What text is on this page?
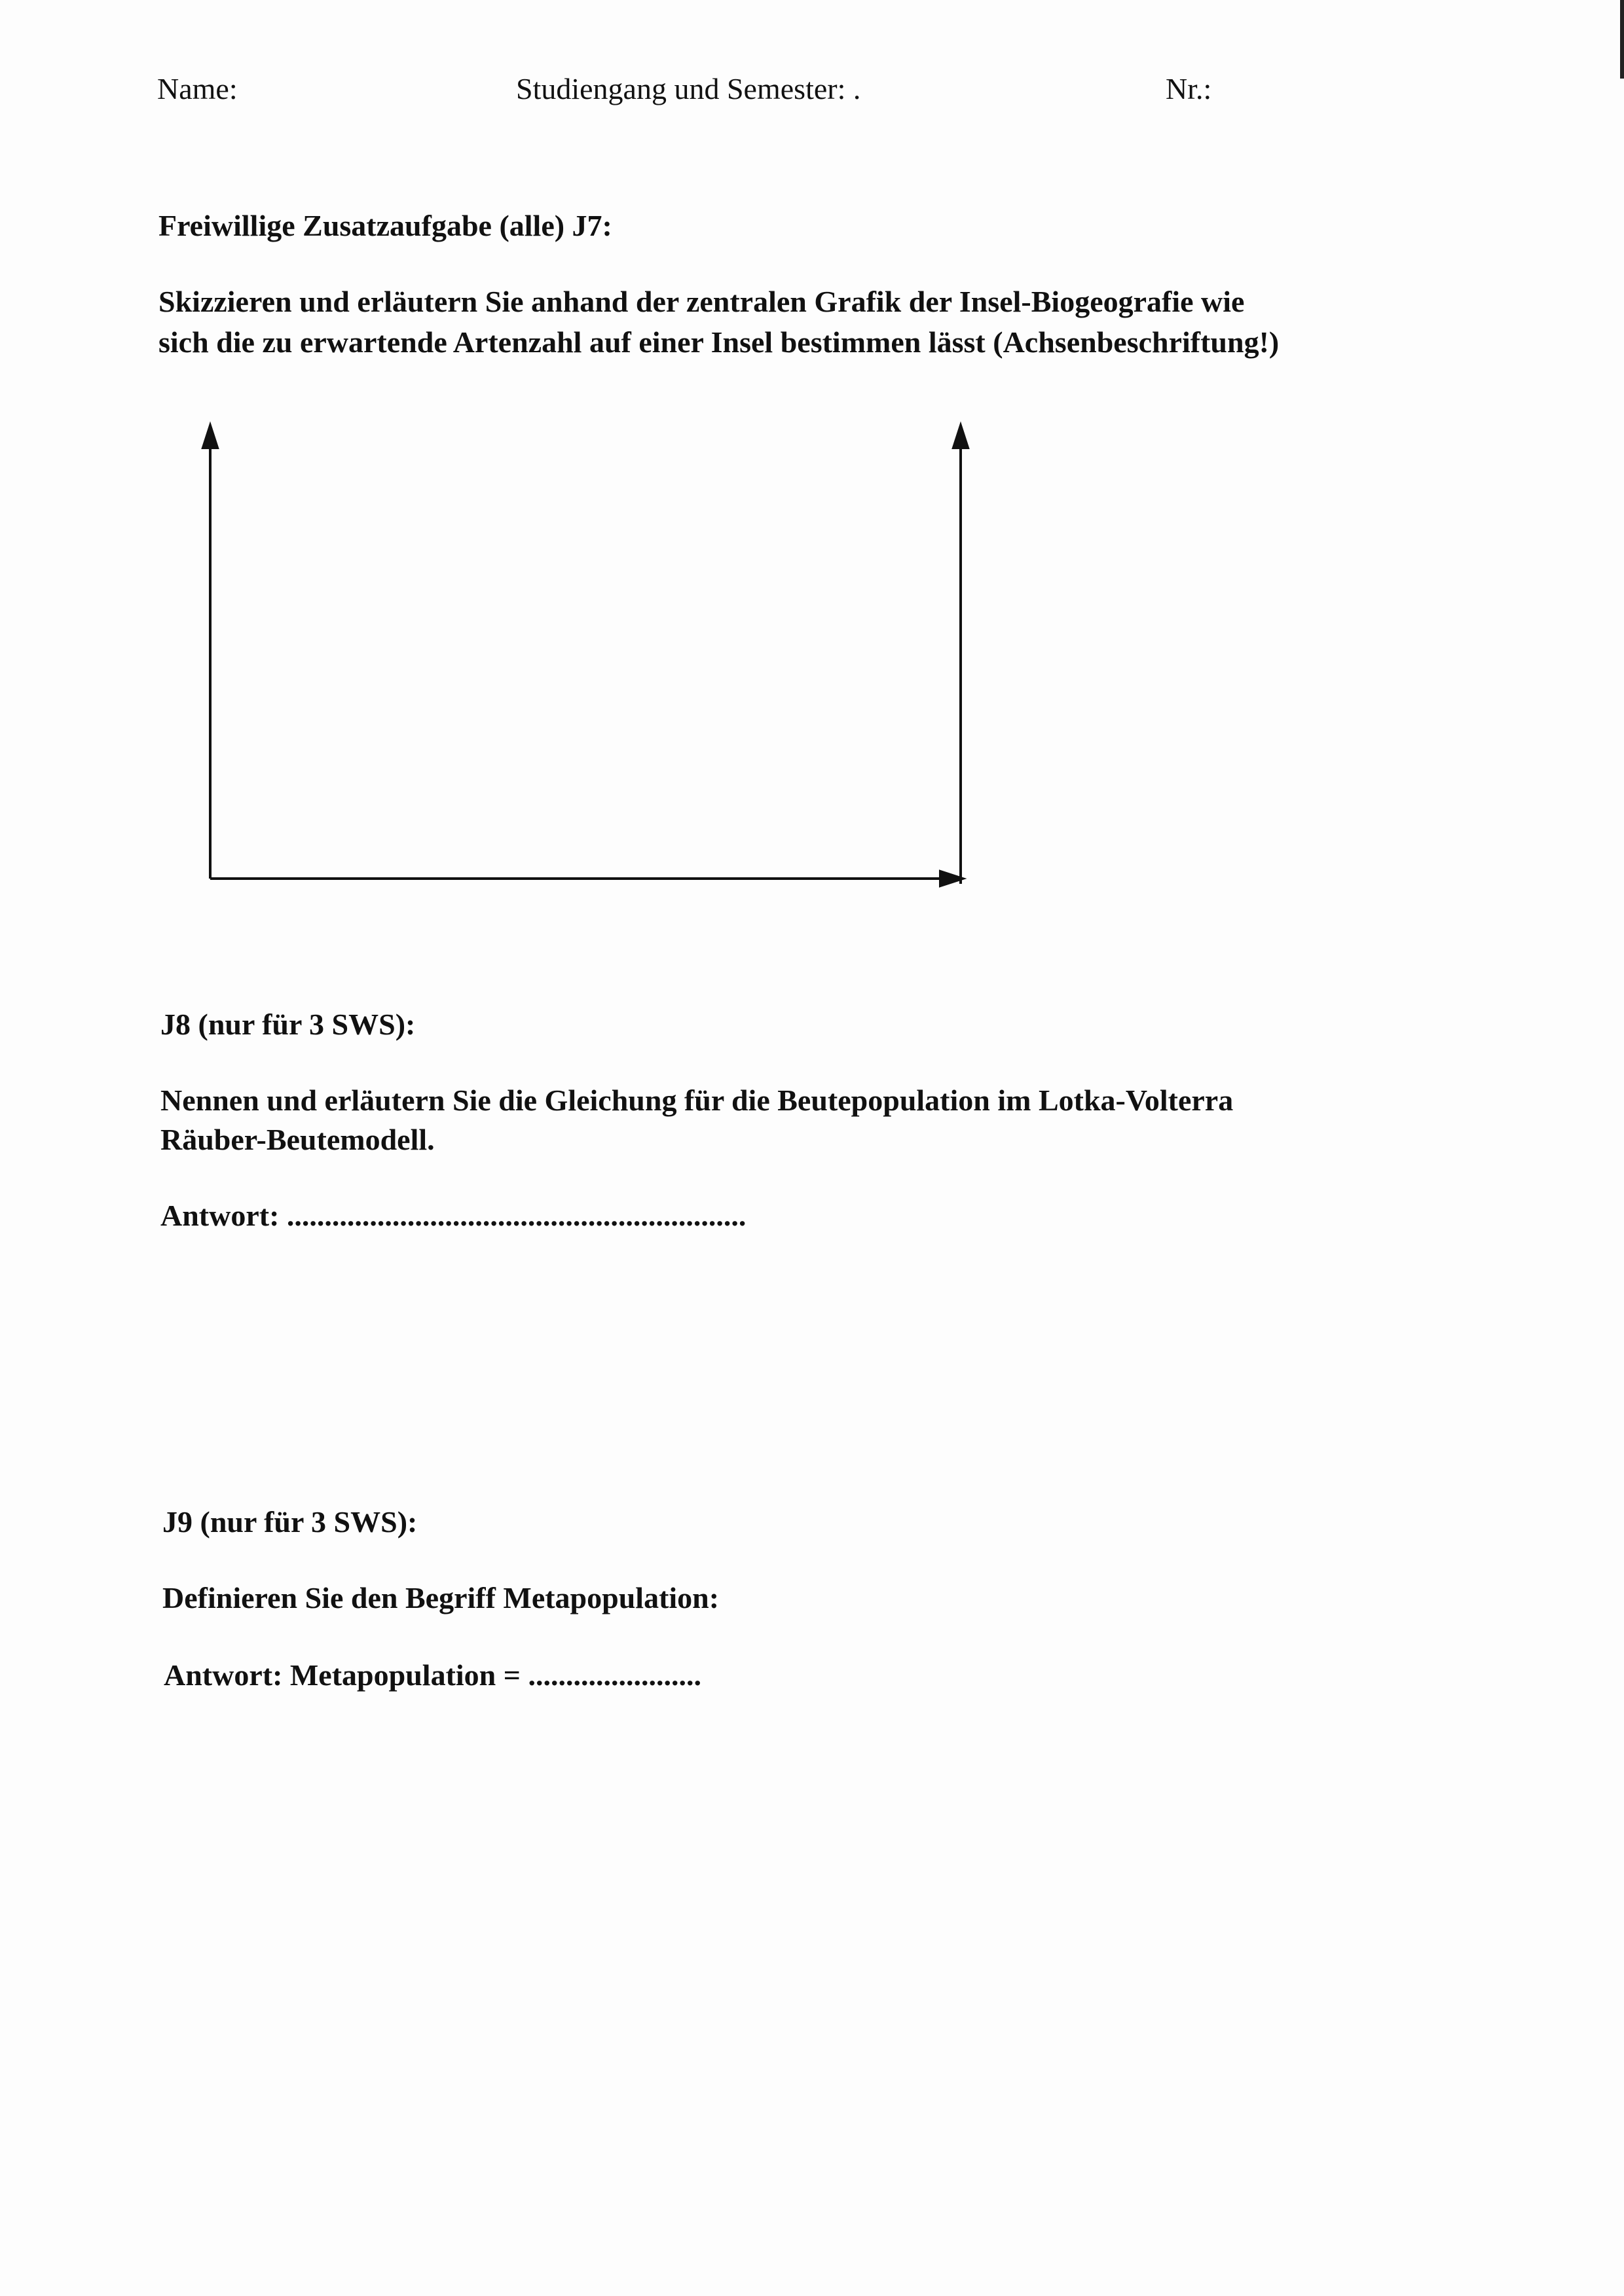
Name:	Studiengang und Semester: .	Nr.:
Freiwillige Zusatzaufgabe (alle) J7:
Skizzieren und erläutern Sie anhand der zentralen Grafik der Insel-Biogeografie wie
sich die zu erwartende Artenzahl auf einer Insel bestimmen lässt (Achsenbeschriftung!)
J8 (nur für 3 SWS):
Nennen und erläutern Sie die Gleichung für die Beutepopulation im Lotka-Volterra
Räuber-Beutemodell.
Antwort: .............................................................
J9 (nur für 3 SWS):
Definieren Sie den Begriff Metapopulation:
Antwort: Metapopulation = .......................
